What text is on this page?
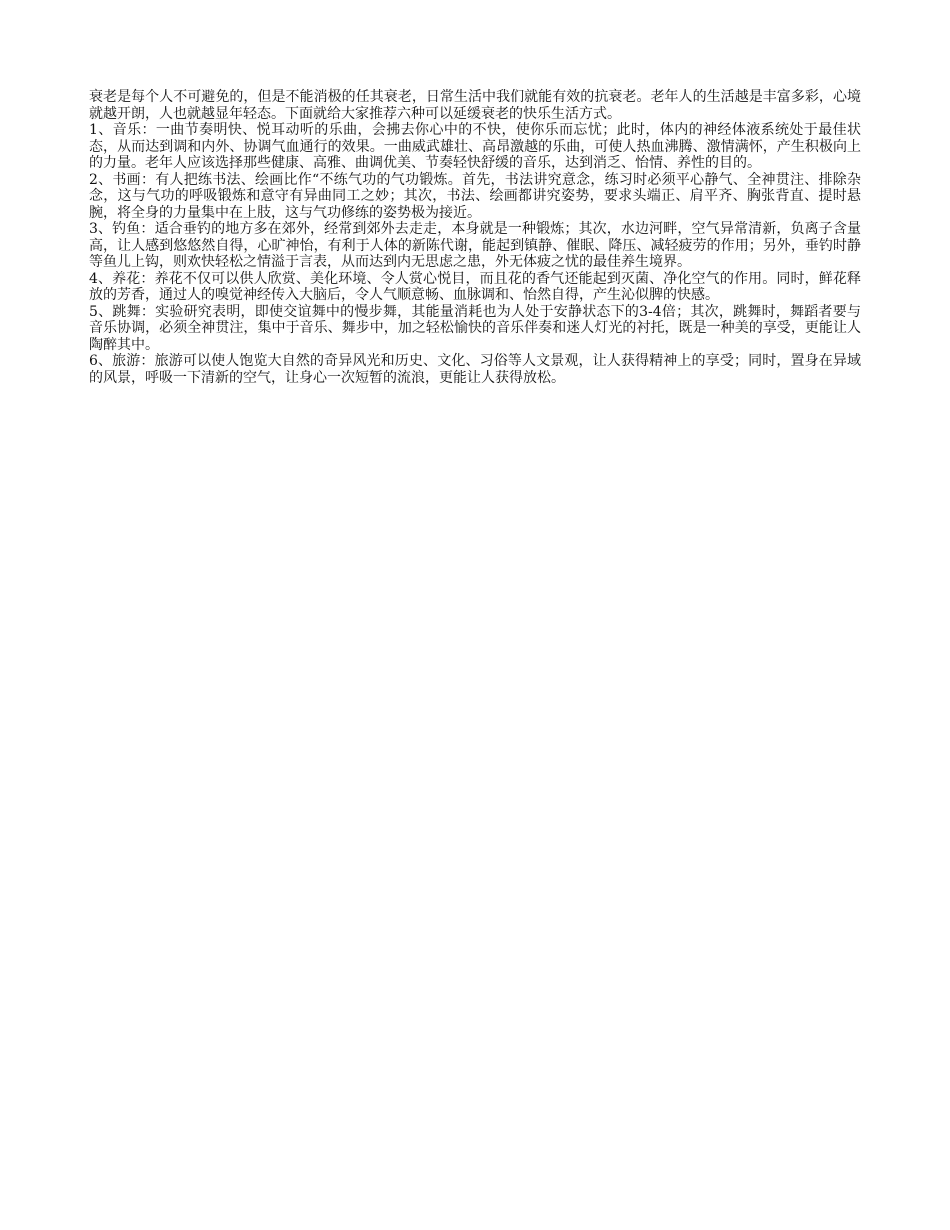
衰老是每个人不可避免的，但是不能消极的任其衰老，日常生活中我们就能有效的抗衰老。老年人的生活越是丰富多彩，心境就越开朗，人也就越显年轻态。下面就给大家推荐六种可以延缓衰老的快乐生活方式。

1、音乐：一曲节奏明快、悦耳动听的乐曲，会拂去你心中的不快，使你乐而忘忧；此时，体内的神经体液系统处于最佳状态，从而达到调和内外、协调气血通行的效果。一曲威武雄壮、高昂激越的乐曲，可使人热血沸腾、激情满怀，产生积极向上的力量。老年人应该选择那些健康、高雅、曲调优美、节奏轻快舒缓的音乐，达到消乏、怡情、养性的目的。

2、书画：有人把练书法、绘画比作“不练气功的气功锻炼。首先，书法讲究意念，练习时必须平心静气、全神贯注、排除杂念，这与气功的呼吸锻炼和意守有异曲同工之妙；其次，书法、绘画都讲究姿势，要求头端正、肩平齐、胸张背直、提时悬腕，将全身的力量集中在上肢，这与气功修练的姿势极为接近。

3、钓鱼：适合垂钓的地方多在郊外，经常到郊外去走走，本身就是一种锻炼；其次，水边河畔，空气异常清新，负离子含量高，让人感到悠悠然自得，心旷神怡，有利于人体的新陈代谢，能起到镇静、催眠、降压、减轻疲劳的作用；另外，垂钓时静等鱼儿上钩，则欢快轻松之情溢于言表，从而达到内无思虑之患，外无体疲之忧的最佳养生境界。

4、养花：养花不仅可以供人欣赏、美化环境、令人赏心悦目，而且花的香气还能起到灭菌、净化空气的作用。同时，鲜花释放的芳香，通过人的嗅觉神经传入大脑后，令人气顺意畅、血脉调和、怡然自得，产生沁似脾的快感。

5、跳舞：实验研究表明，即使交谊舞中的慢步舞，其能量消耗也为人处于安静状态下的3-4倍；其次，跳舞时，舞蹈者要与音乐协调，必须全神贯注，集中于音乐、舞步中，加之轻松愉快的音乐伴奏和迷人灯光的衬托，既是一种美的享受，更能让人陶醉其中。

6、旅游：旅游可以使人饱览大自然的奇异风光和历史、文化、习俗等人文景观，让人获得精神上的享受；同时，置身在异域的风景，呼吸一下清新的空气，让身心一次短暂的流浪，更能让人获得放松。
